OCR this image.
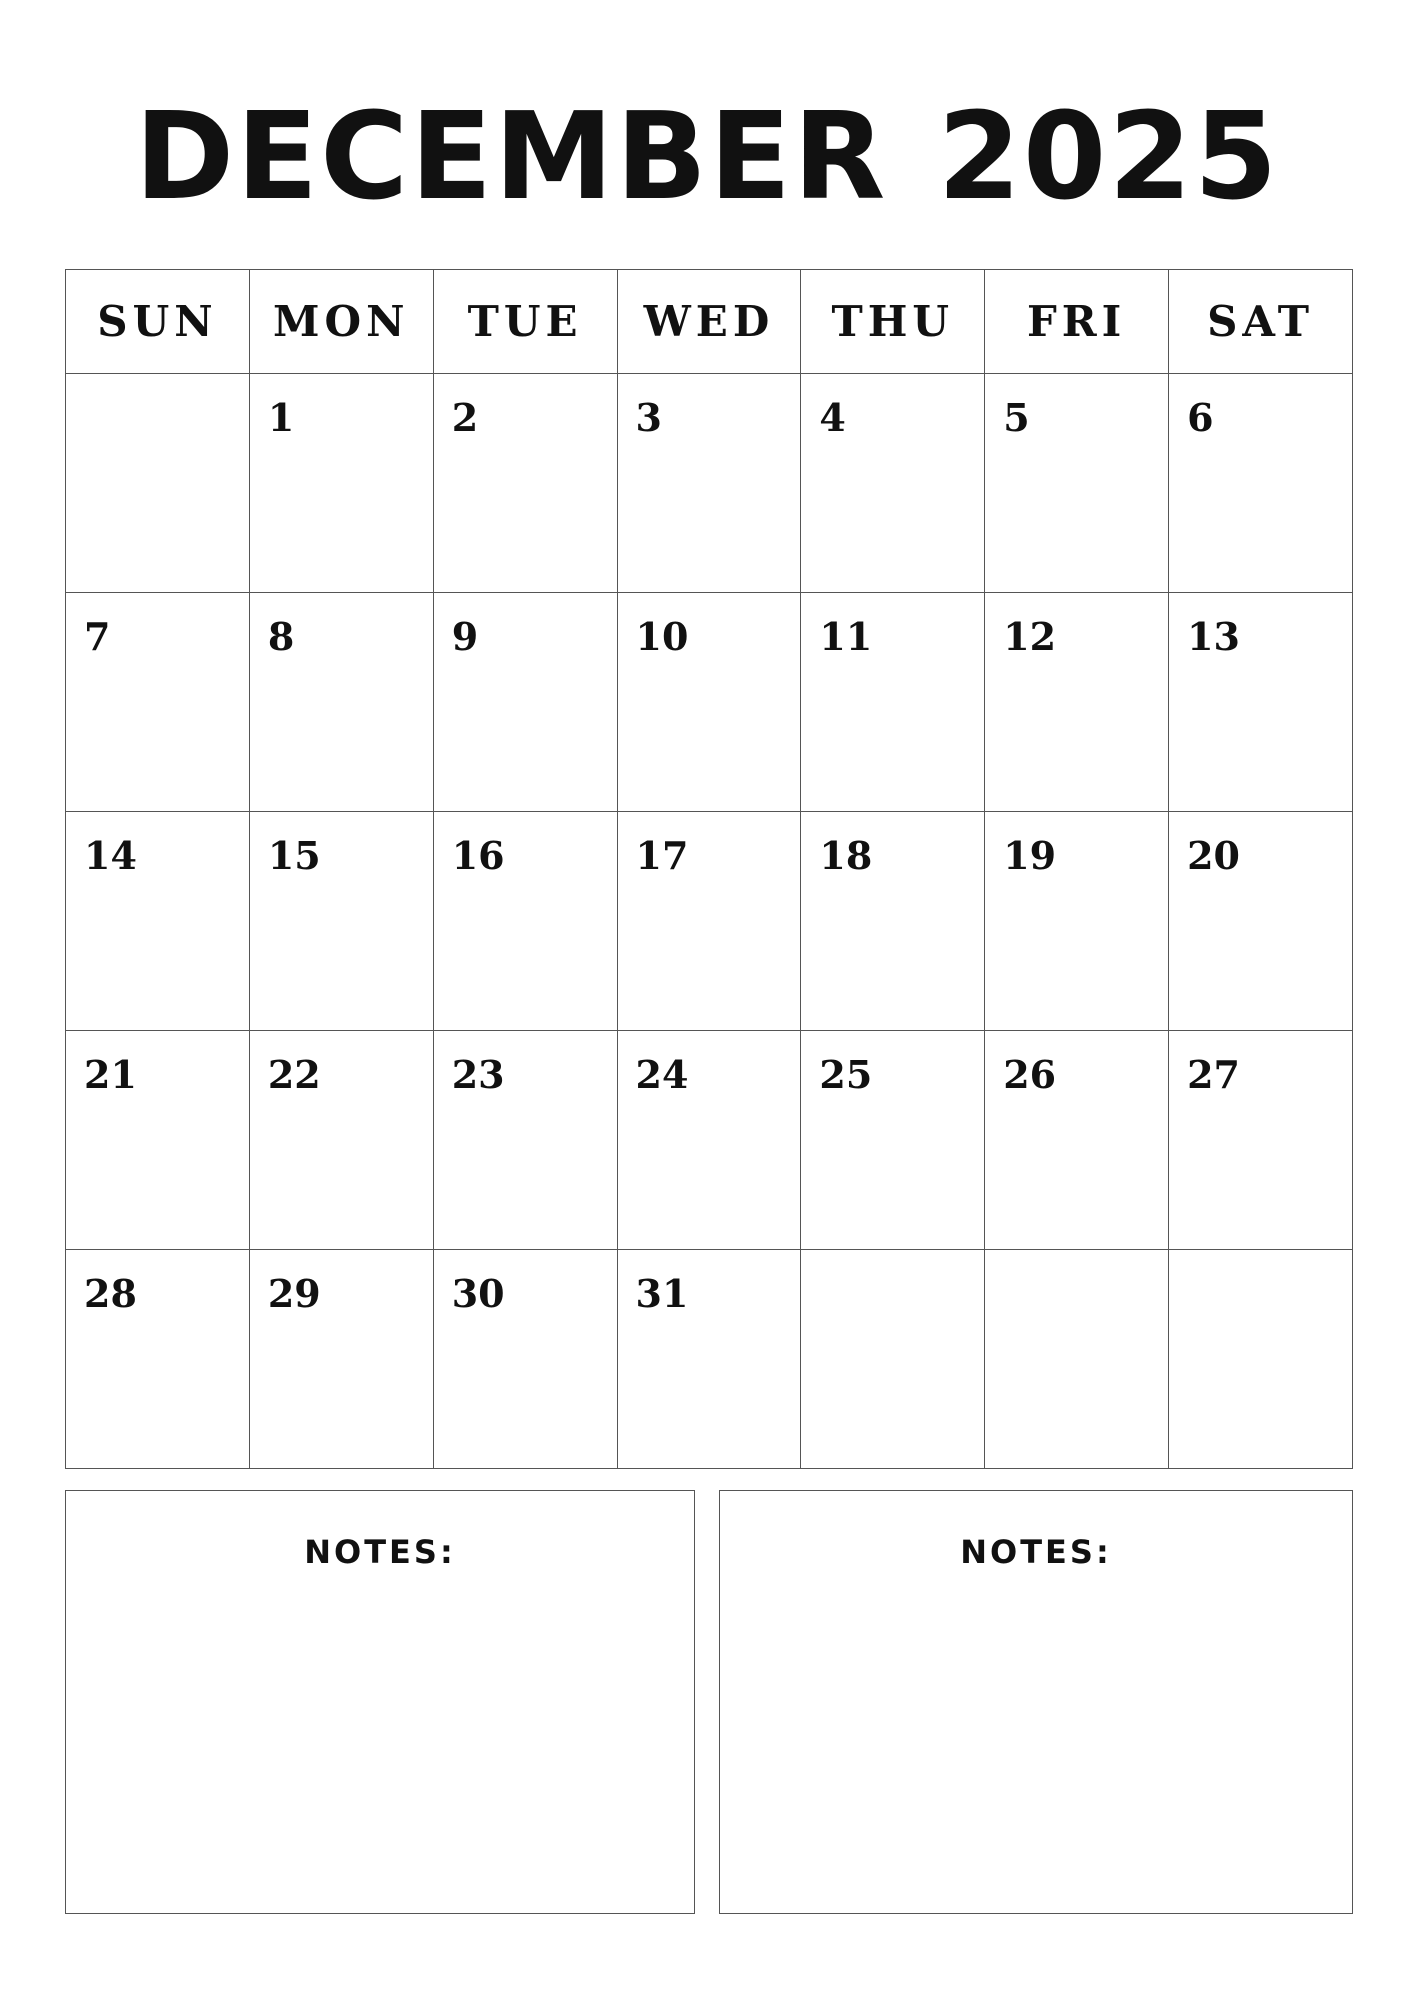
DECEMBER 2025
SUN	MON	TUE	WED	THU	FRI	SAT

	1	2	3	4	5	6

7	8	9	10	11	12	13

14	15	16	17	18	19	20

21	22	23	24	25	26	27

28	29	30	31			

NOTES:	NOTES:
